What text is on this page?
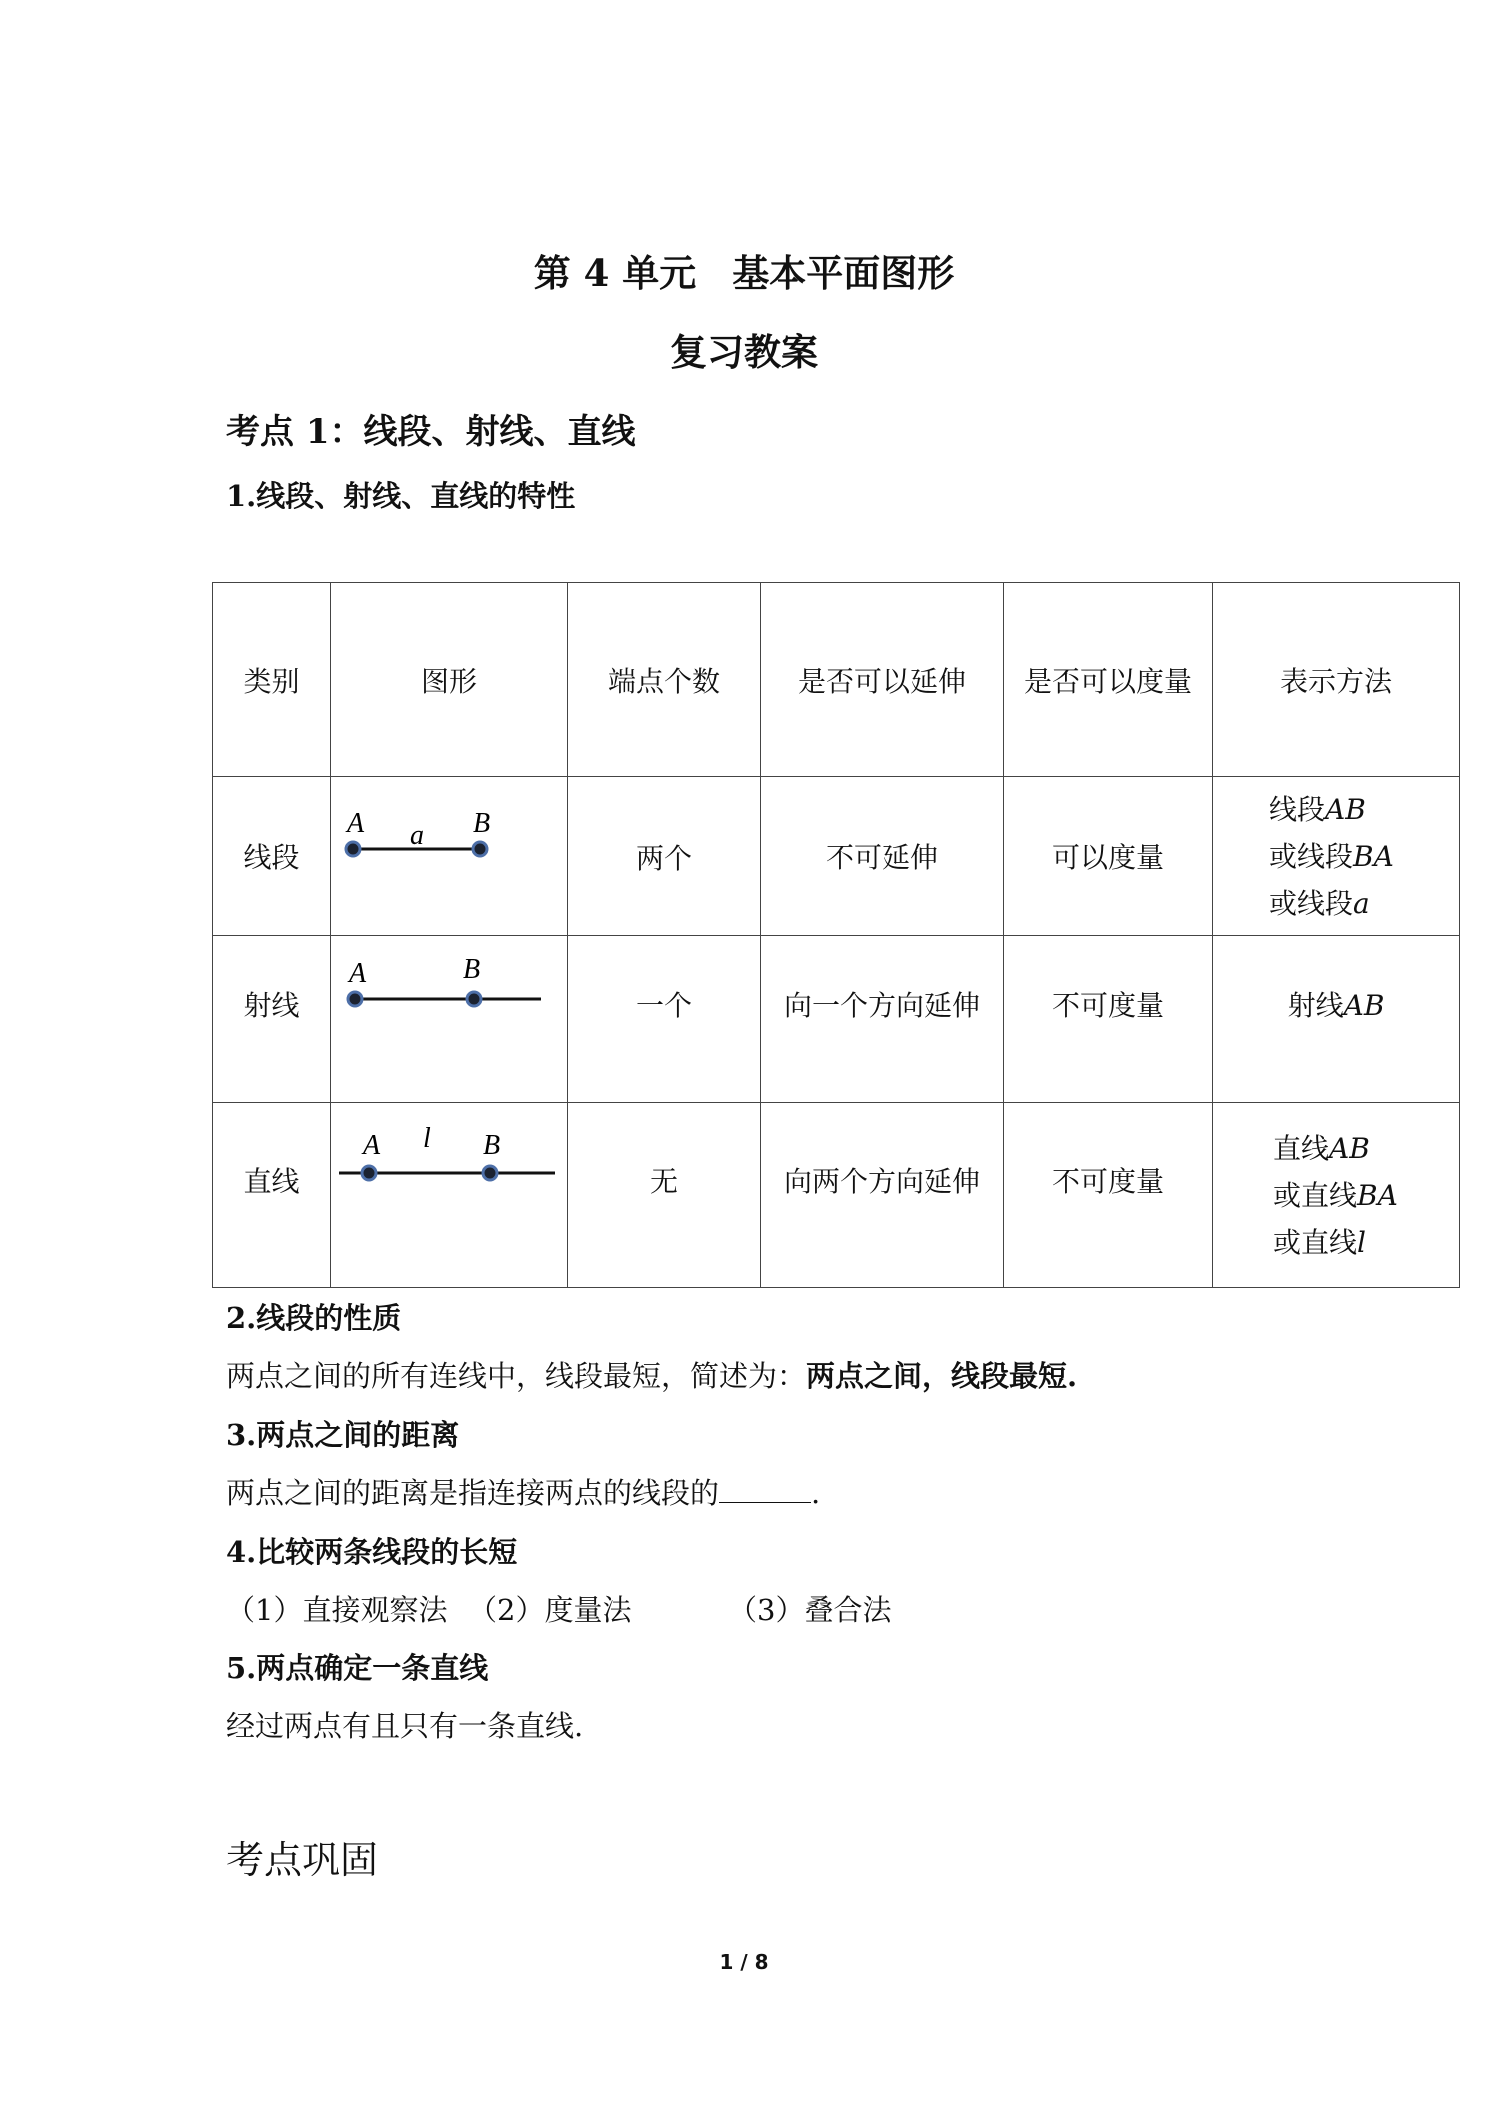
第 4 单元 基本平面图形
复习教案
考点 1：线段、射线、直线
1.线段、射线、直线的特性
类别	图形	端点个数	是否可以延伸	是否可以度量	表示方法
线段	A a B	两个	不可延伸	可以度量	线段AB
或线段BA
或线段a

射线	A B	一个	向一个方向延伸	不可度量	射线AB
直线	A l B	无	向两个方向延伸	不可度量	直线AB
或直线BA
或直线l
2.线段的性质
两点之间的所有连线中，线段最短，简述为：两点之间，线段最短.
3.两点之间的距离
两点之间的距离是指连接两点的线段的	.
4.比较两条线段的长短
（1）直接观察法 （2）度量法	（3）叠合法
5.两点确定一条直线
经过两点有且只有一条直线.
考点巩固
1 / 8
